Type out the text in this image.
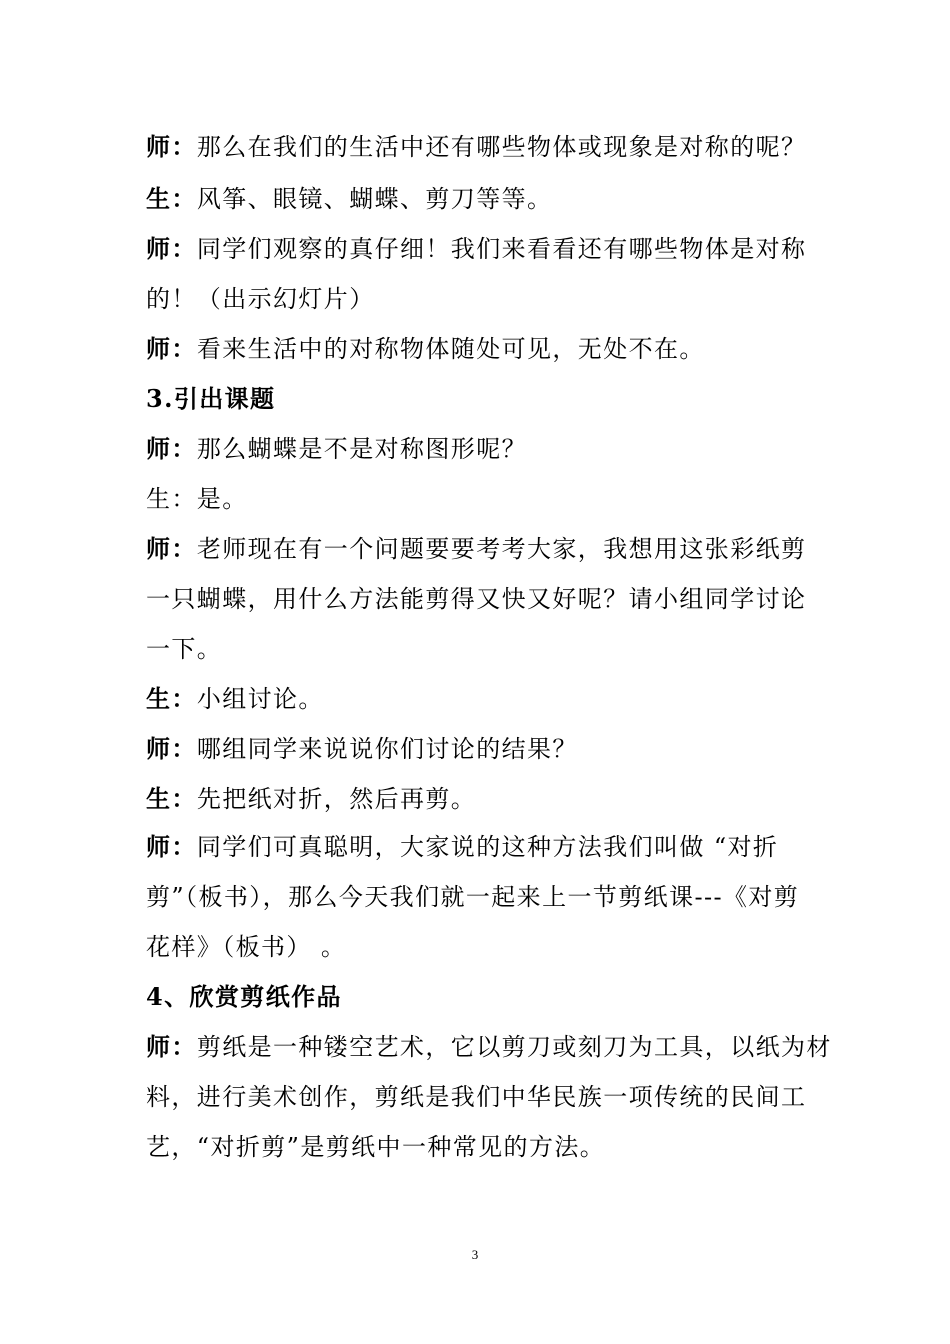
师：那么在我们的生活中还有哪些物体或现象是对称的呢？
生：风筝、眼镜、蝴蝶、剪刀等等。
师：同学们观察的真仔细！我们来看看还有哪些物体是对称
的！（出示幻灯片）
师：看来生活中的对称物体随处可见，无处不在。
3.引出课题
师：那么蝴蝶是不是对称图形呢？
生：是。
师：老师现在有一个问题要要考考大家，我想用这张彩纸剪
一只蝴蝶，用什么方法能剪得又快又好呢？请小组同学讨论
一下。
生：小组讨论。
师：哪组同学来说说你们讨论的结果？
生：先把纸对折，然后再剪。
师：同学们可真聪明，大家说的这种方法我们叫做 “对折
剪”（板书），那么今天我们就一起来上一节剪纸课---《对剪
花样》（板书） 。
4、欣赏剪纸作品
师：剪纸是一种镂空艺术，它以剪刀或刻刀为工具，以纸为材
料，进行美术创作，剪纸是我们中华民族一项传统的民间工
艺，“对折剪”是剪纸中一种常见的方法。
3
